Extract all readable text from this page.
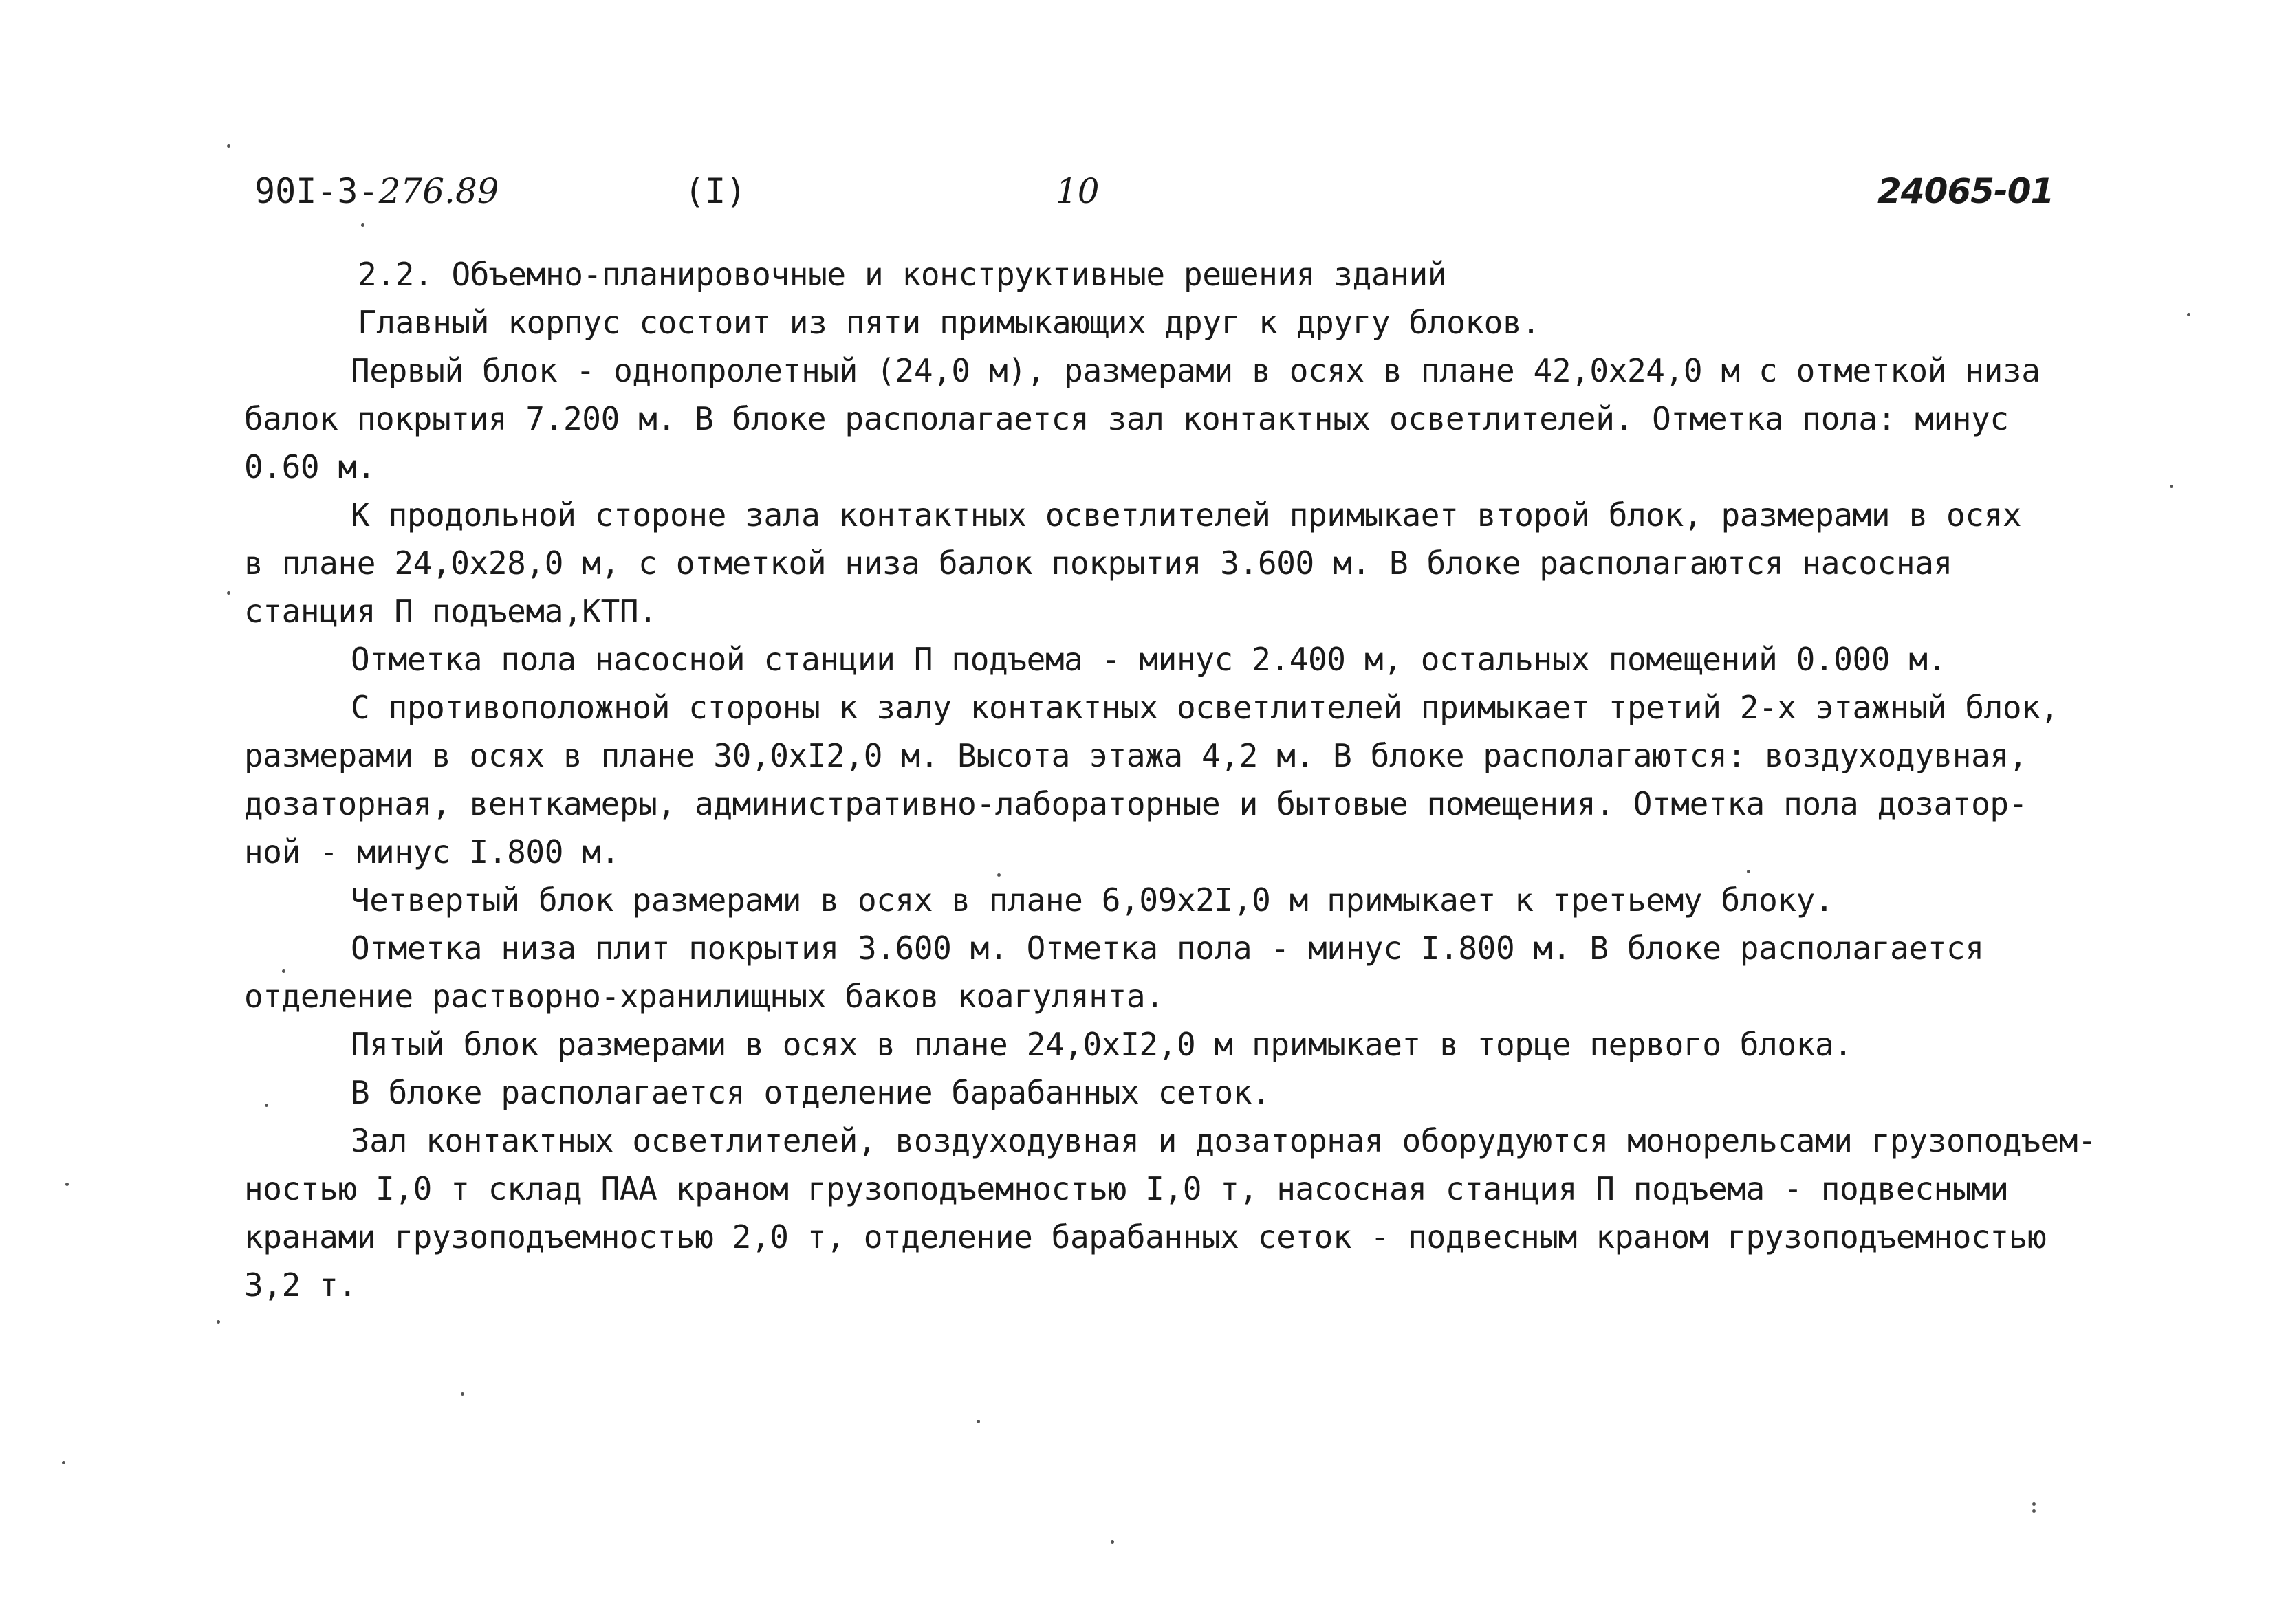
90I-3-276.89	(I)	10	24065-01
2.2. Объемно-планировочные и конструктивные решения зданий
Главный корпус состоит из пяти примыкающих друг к другу блоков.
Первый блок - однопролетный (24,0 м), размерами в осях в плане 42,0х24,0 м с отметкой низа
балок покрытия 7.200 м. В блоке располагается зал контактных осветлителей. Отметка пола: минус
0.60 м.
К продольной стороне зала контактных осветлителей примыкает второй блок, размерами в осях
в плане 24,0х28,0 м, с отметкой низа балок покрытия 3.600 м. В блоке располагаются насосная
станция П подъема,КТП.
Отметка пола насосной станции П подъема - минус 2.400 м, остальных помещений 0.000 м.
С противоположной стороны к залу контактных осветлителей примыкает третий 2-х этажный блок,
размерами в осях в плане 30,0хI2,0 м. Высота этажа 4,2 м. В блоке располагаются: воздуходувная,
дозаторная, венткамеры, административно-лабораторные и бытовые помещения. Отметка пола дозатор-
ной - минус I.800 м.
Четвертый блок размерами в осях в плане 6,09х2I,0 м примыкает к третьему блоку.
Отметка низа плит покрытия 3.600 м. Отметка пола - минус I.800 м. В блоке располагается
отделение растворно-хранилищных баков коагулянта.
Пятый блок размерами в осях в плане 24,0хI2,0 м примыкает в торце первого блока.
В блоке располагается отделение барабанных сеток.
Зал контактных осветлителей, воздуходувная и дозаторная оборудуются монорельсами грузоподъем-
ностью I,0 т склад ПАА краном грузоподъемностью I,0 т, насосная станция П подъема - подвесными
кранами грузоподъемностью 2,0 т, отделение барабанных сеток - подвесным краном грузоподъемностью
3,2 т.
